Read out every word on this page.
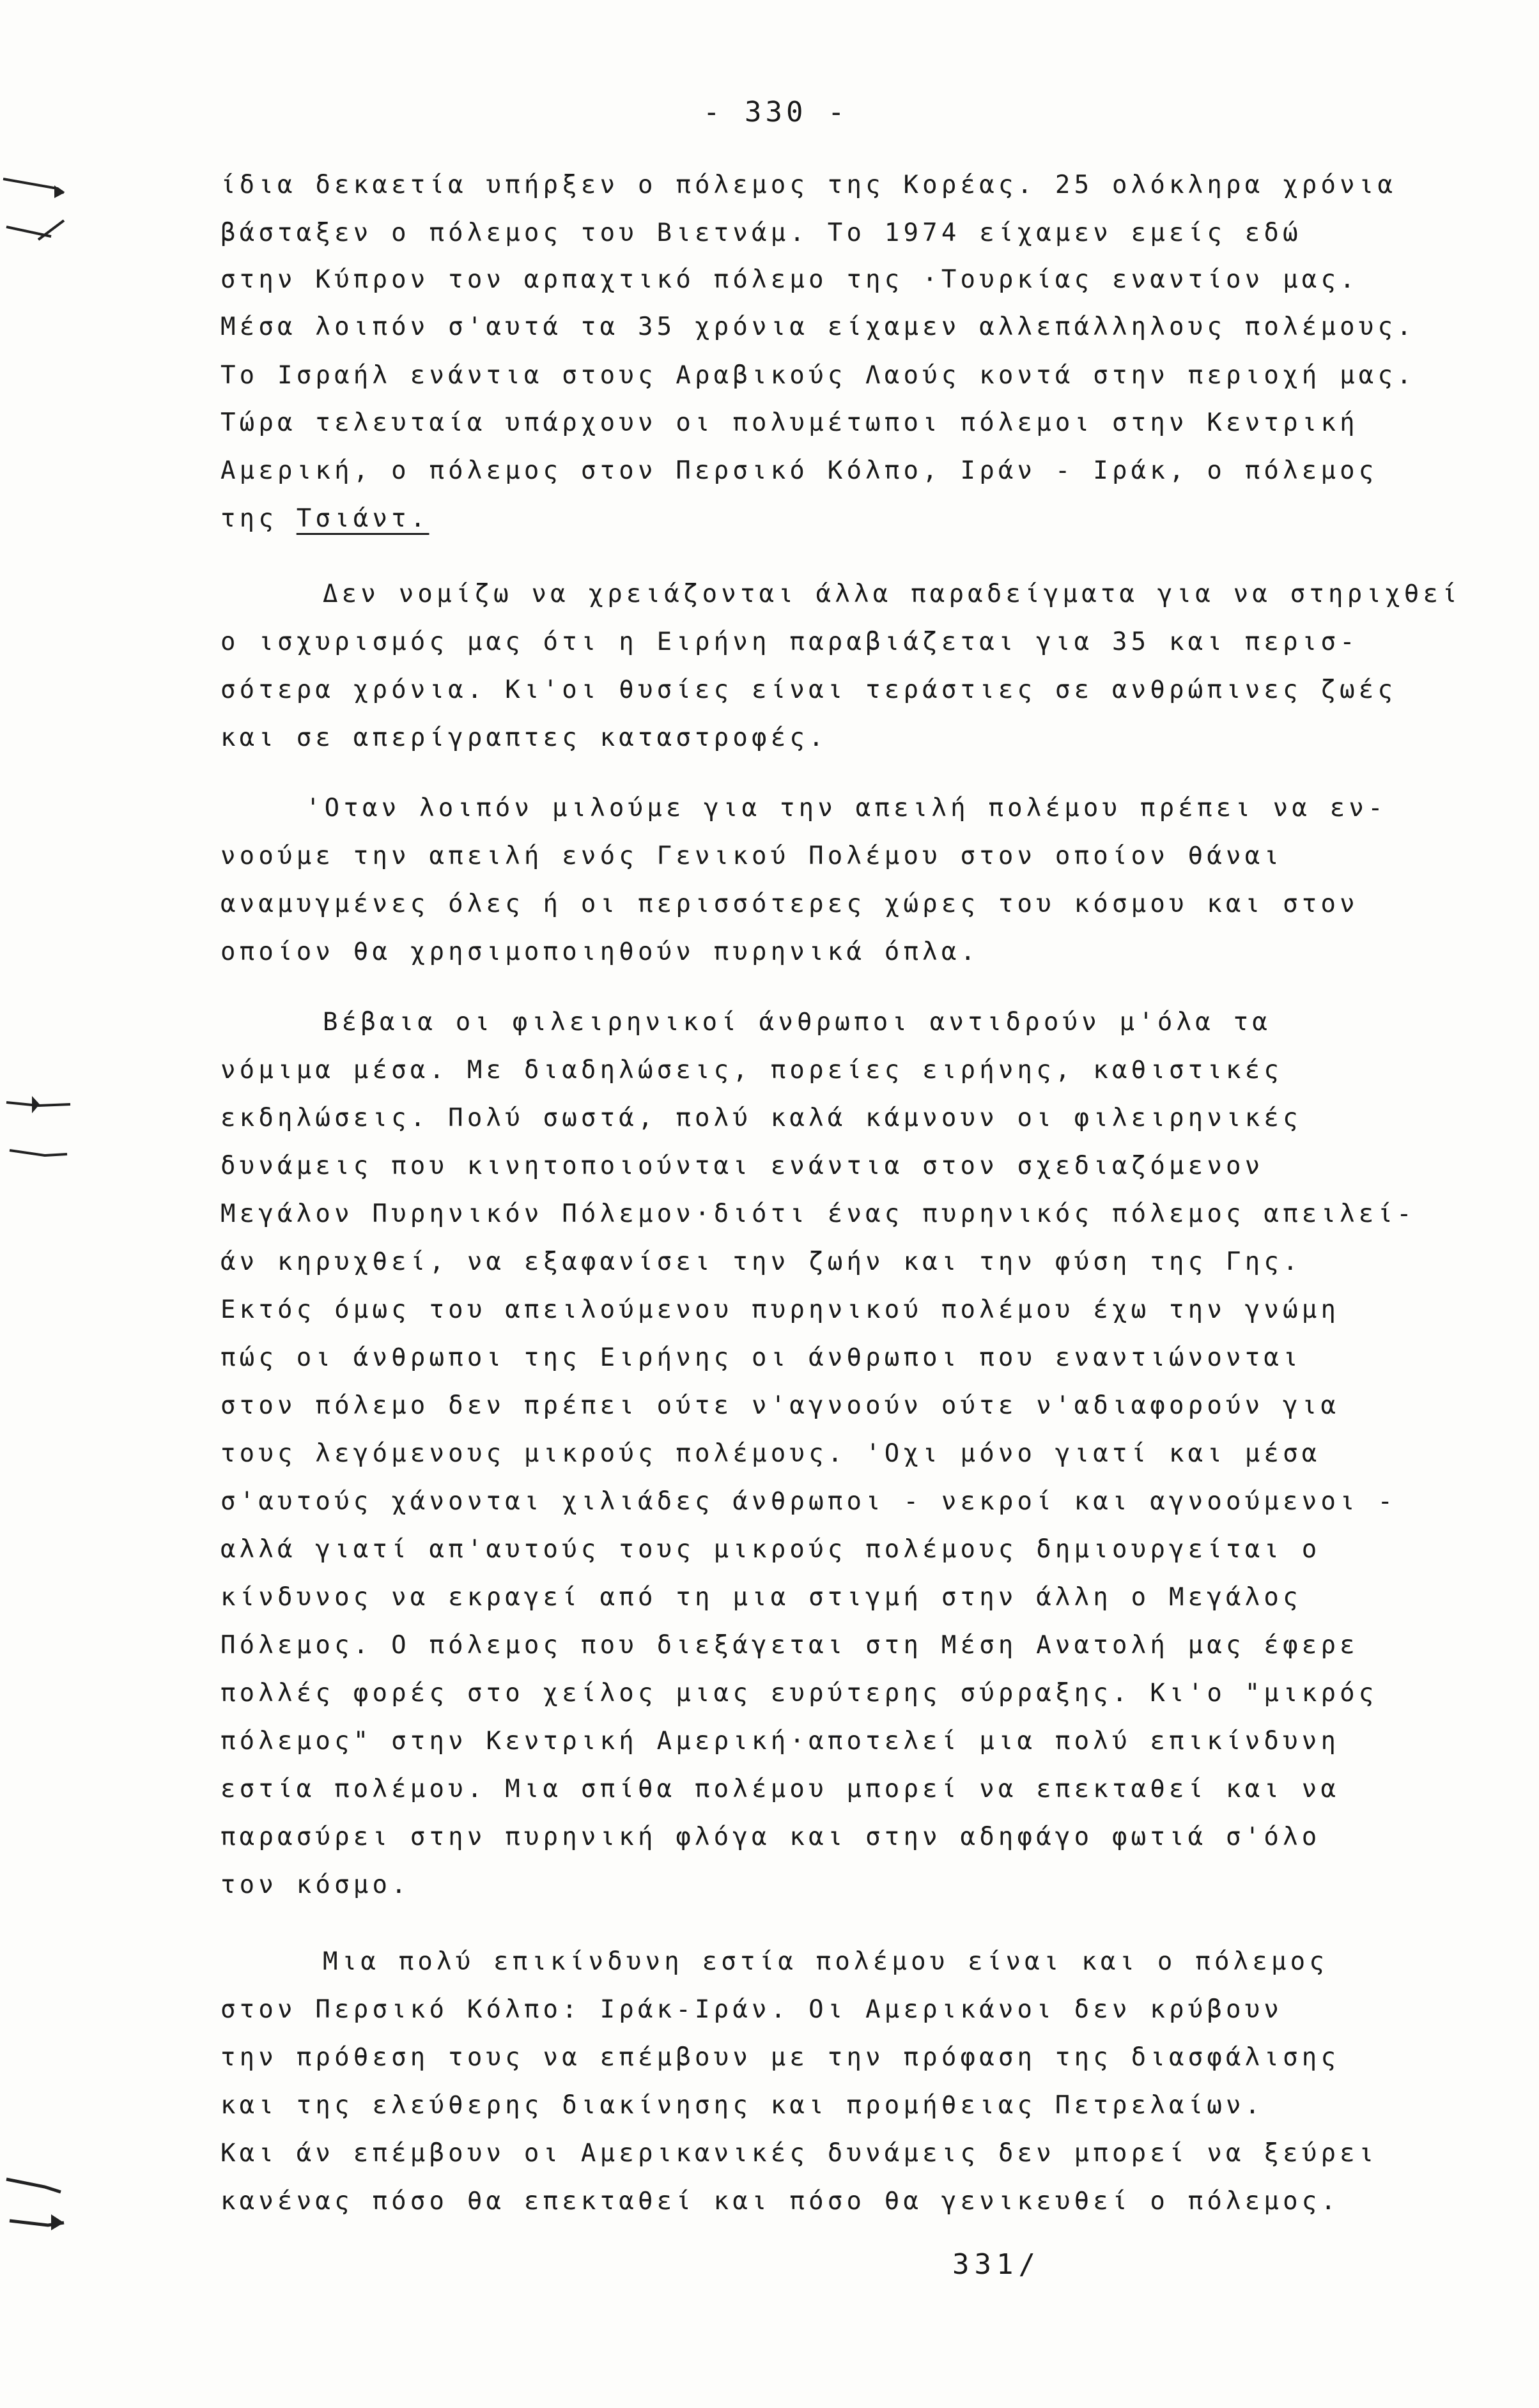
- 330 -
ίδια δεκαετία υπήρξεν ο πόλεμος της Κορέας. 25 ολόκληρα χρόνια
βάσταξεν ο πόλεμος του Βιετνάμ. Το 1974 είχαμεν εμείς εδώ
στην Κύπρον τον αρπαχτικό πόλεμο της ·Τουρκίας εναντίον μας.
Μέσα λοιπόν σ'αυτά τα 35 χρόνια είχαμεν αλλεπάλληλους πολέμους.
Το Ισραήλ ενάντια στους Αραβικούς Λαούς κοντά στην περιοχή μας.
Τώρα τελευταία υπάρχουν οι πολυμέτωποι πόλεμοι στην Κεντρική
Αμερική, ο πόλεμος στον Περσικό Κόλπο, Ιράν - Ιράκ, ο πόλεμος
της Τσιάντ.
Δεν νομίζω να χρειάζονται άλλα παραδείγματα για να στηριχθεί
ο ισχυρισμός μας ότι η Ειρήνη παραβιάζεται για 35 και περισ-
σότερα χρόνια. Κι'οι θυσίες είναι τεράστιες σε ανθρώπινες ζωές
και σε απερίγραπτες καταστροφές.
'Οταν λοιπόν μιλούμε για την απειλή πολέμου πρέπει να εν-
νοούμε την απειλή ενός Γενικού Πολέμου στον οποίον θάναι
αναμυγμένες όλες ή οι περισσότερες χώρες του κόσμου και στον
οποίον θα χρησιμοποιηθούν πυρηνικά όπλα.
Βέβαια οι φιλειρηνικοί άνθρωποι αντιδρούν μ'όλα τα
νόμιμα μέσα. Με διαδηλώσεις, πορείες ειρήνης, καθιστικές
εκδηλώσεις. Πολύ σωστά, πολύ καλά κάμνουν οι φιλειρηνικές
δυνάμεις που κινητοποιούνται ενάντια στον σχεδιαζόμενον
Μεγάλον Πυρηνικόν Πόλεμον·διότι ένας πυρηνικός πόλεμος απειλεί-
άν κηρυχθεί, να εξαφανίσει την ζωήν και την φύση της Γης.
Εκτός όμως του απειλούμενου πυρηνικού πολέμου έχω την γνώμη
πώς οι άνθρωποι της Ειρήνης οι άνθρωποι που εναντιώνονται
στον πόλεμο δεν πρέπει ούτε ν'αγνοούν ούτε ν'αδιαφορούν για
τους λεγόμενους μικρούς πολέμους. 'Οχι μόνο γιατί και μέσα
σ'αυτούς χάνονται χιλιάδες άνθρωποι - νεκροί και αγνοούμενοι -
αλλά γιατί απ'αυτούς τους μικρούς πολέμους δημιουργείται ο
κίνδυνος να εκραγεί από τη μια στιγμή στην άλλη ο Μεγάλος
Πόλεμος. Ο πόλεμος που διεξάγεται στη Μέση Ανατολή μας έφερε
πολλές φορές στο χείλος μιας ευρύτερης σύρραξης. Κι'ο "μικρός
πόλεμος" στην Κεντρική Αμερική·αποτελεί μια πολύ επικίνδυνη
εστία πολέμου. Μια σπίθα πολέμου μπορεί να επεκταθεί και να
παρασύρει στην πυρηνική φλόγα και στην αδηφάγο φωτιά σ'όλο
τον κόσμο.
Μια πολύ επικίνδυνη εστία πολέμου είναι και ο πόλεμος
στον Περσικό Κόλπο: Ιράκ-Ιράν. Οι Αμερικάνοι δεν κρύβουν
την πρόθεση τους να επέμβουν με την πρόφαση της διασφάλισης
και της ελεύθερης διακίνησης και προμήθειας Πετρελαίων.
Και άν επέμβουν οι Αμερικανικές δυνάμεις δεν μπορεί να ξεύρει
κανένας πόσο θα επεκταθεί και πόσο θα γενικευθεί ο πόλεμος.
331/
